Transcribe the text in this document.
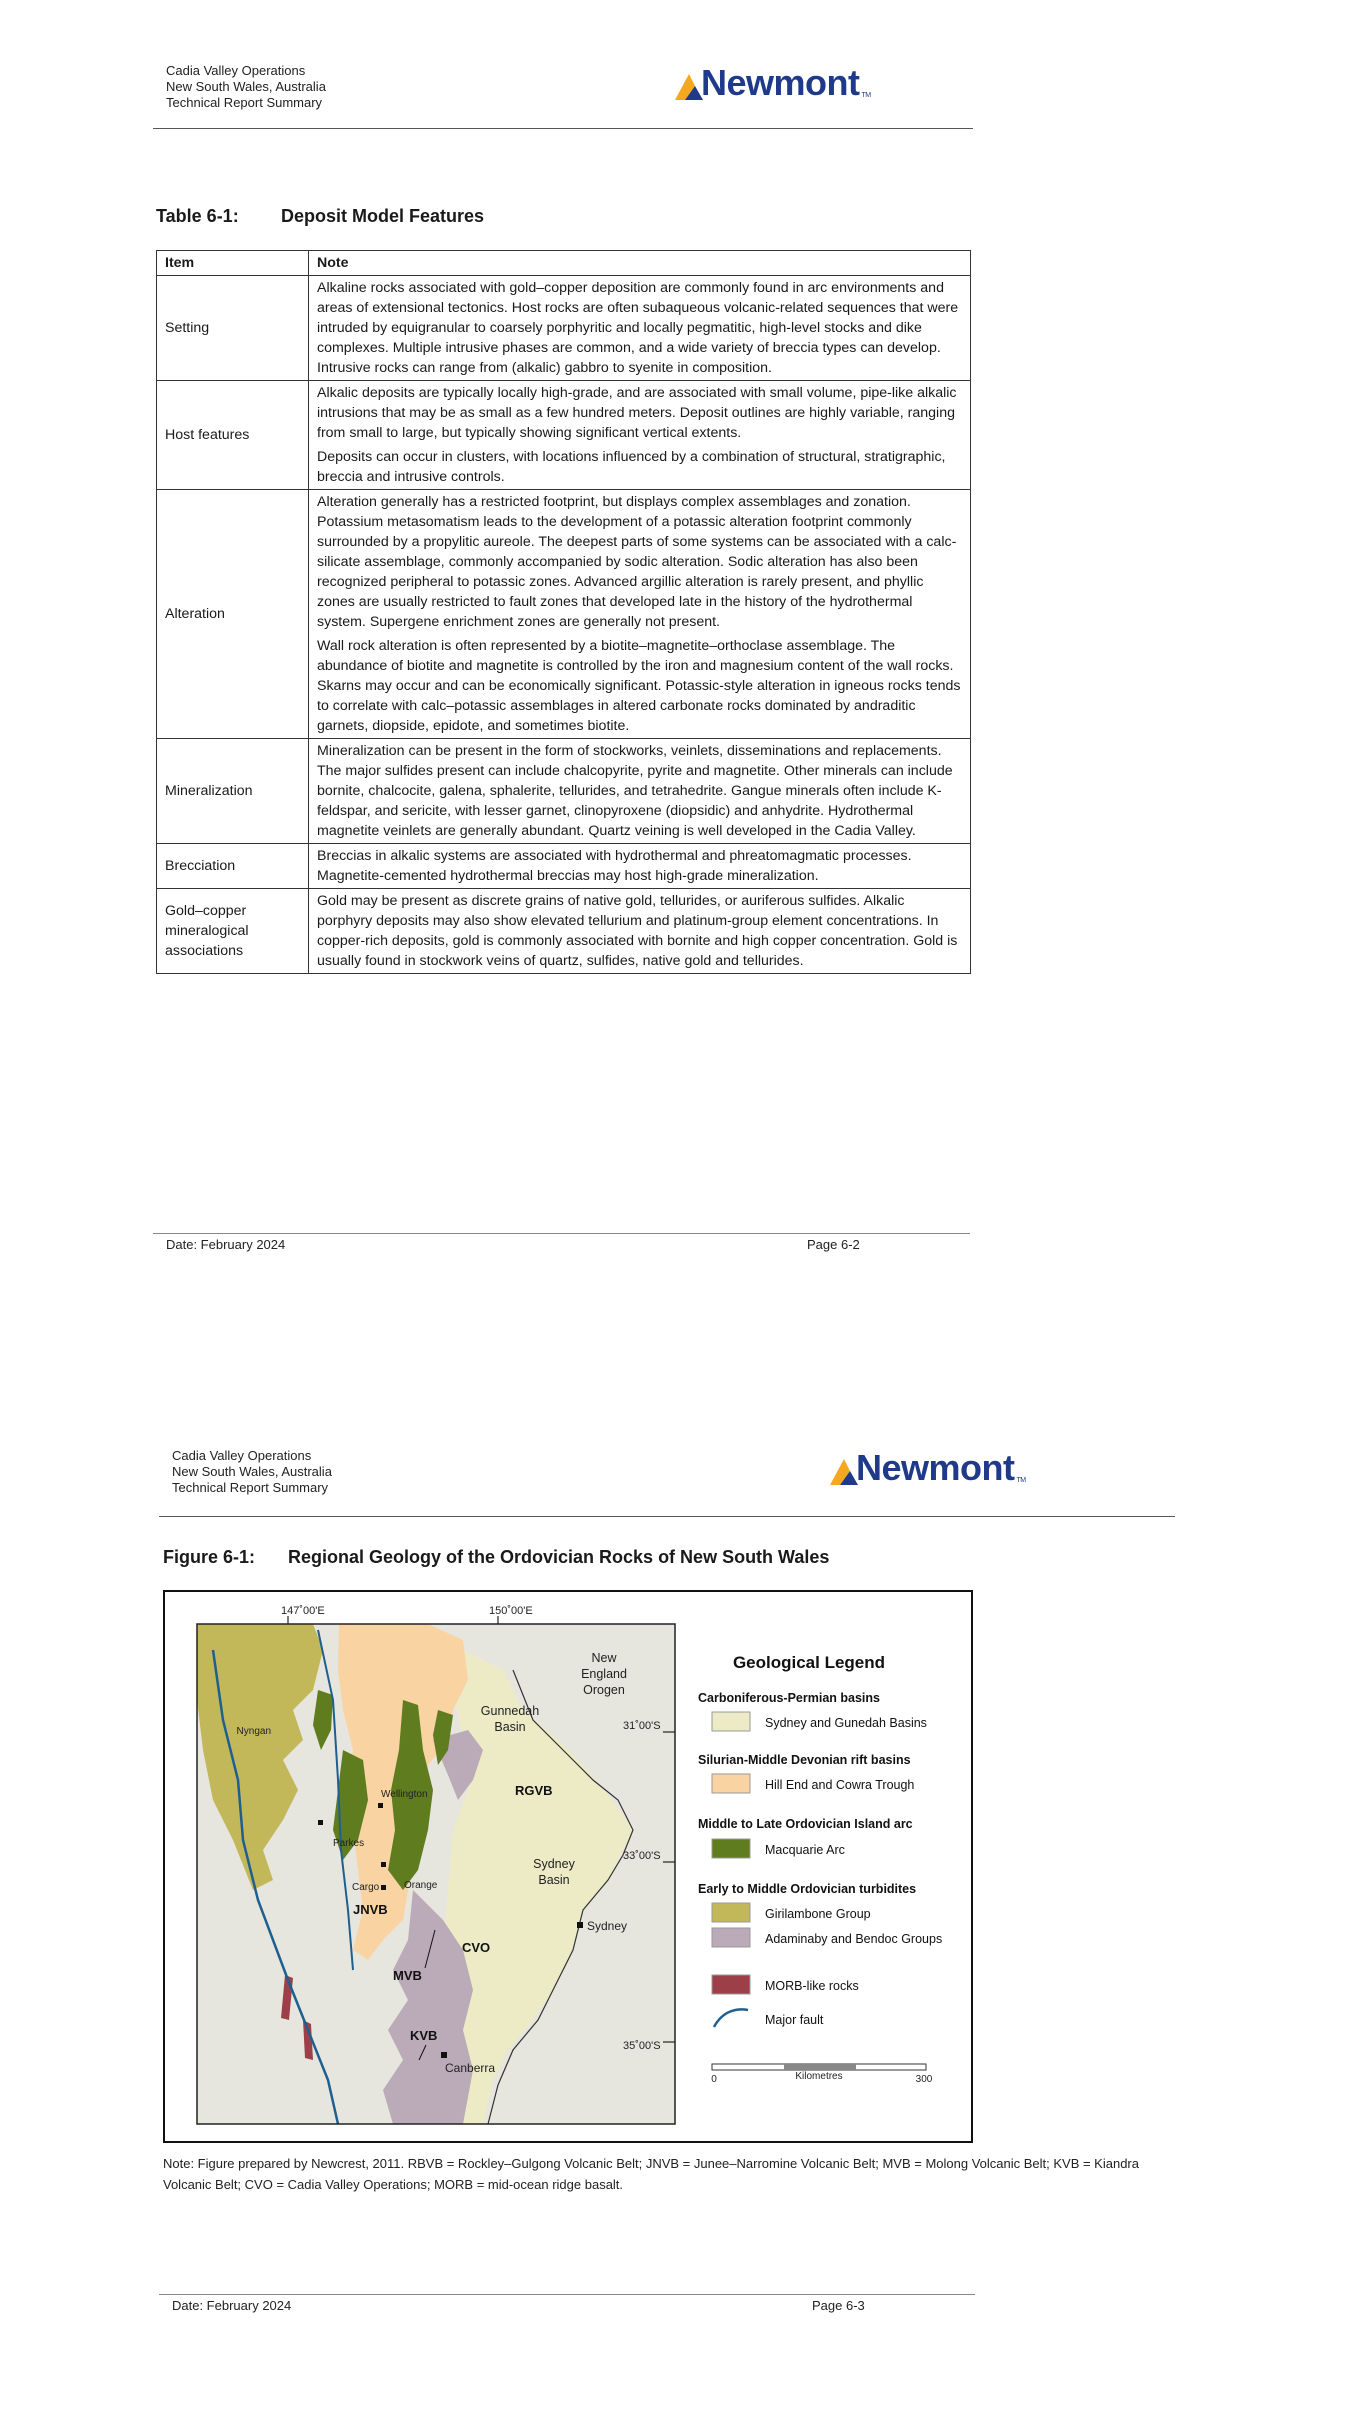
Cadia Valley Operations
New South Wales, Australia
Technical Report Summary	Newmont TM
Table 6-1: Deposit Model Features
Item	Note
Setting	Alkaline rocks associated with gold–copper deposition are commonly found in arc environments and areas of extensional tectonics. Host rocks are often subaqueous volcanic-related sequences that were intruded by equigranular to coarsely porphyritic and locally pegmatitic, high-level stocks and dike complexes. Multiple intrusive phases are common, and a wide variety of breccia types can develop. Intrusive rocks can range from (alkalic) gabbro to syenite in composition.

Host features	Alkalic deposits are typically locally high-grade, and are associated with small volume, pipe-like alkalic intrusions that may be as small as a few hundred meters. Deposit outlines are highly variable, ranging from small to large, but typically showing significant vertical extents.

Deposits can occur in clusters, with locations influenced by a combination of structural, stratigraphic, breccia and intrusive controls.

Alteration	Alteration generally has a restricted footprint, but displays complex assemblages and zonation. Potassium metasomatism leads to the development of a potassic alteration footprint commonly surrounded by a propylitic aureole. The deepest parts of some systems can be associated with a calc-silicate assemblage, commonly accompanied by sodic alteration. Sodic alteration has also been recognized peripheral to potassic zones. Advanced argillic alteration is rarely present, and phyllic zones are usually restricted to fault zones that developed late in the history of the hydrothermal system. Supergene enrichment zones are generally not present.

Wall rock alteration is often represented by a biotite–magnetite–orthoclase assemblage. The abundance of biotite and magnetite is controlled by the iron and magnesium content of the wall rocks. Skarns may occur and can be economically significant. Potassic-style alteration in igneous rocks tends to correlate with calc–potassic assemblages in altered carbonate rocks dominated by andraditic garnets, diopside, epidote, and sometimes biotite.

Mineralization	Mineralization can be present in the form of stockworks, veinlets, disseminations and replacements. The major sulfides present can include chalcopyrite, pyrite and magnetite. Other minerals can include bornite, chalcocite, galena, sphalerite, tellurides, and tetrahedrite. Gangue minerals often include K-feldspar, and sericite, with lesser garnet, clinopyroxene (diopsidic) and anhydrite. Hydrothermal magnetite veinlets are generally abundant. Quartz veining is well developed in the Cadia Valley.

Brecciation	Breccias in alkalic systems are associated with hydrothermal and phreatomagmatic processes. Magnetite-cemented hydrothermal breccias may host high-grade mineralization.

Gold–copper mineralogical associations	Gold may be present as discrete grains of native gold, tellurides, or auriferous sulfides. Alkalic porphyry deposits may also show elevated tellurium and platinum-group element concentrations. In copper-rich deposits, gold is commonly associated with bornite and high copper concentration. Gold is usually found in stockwork veins of quartz, sulfides, native gold and tellurides.

Date: February 2024	Page 6-2
Cadia Valley Operations
New South Wales, Australia
Technical Report Summary	Newmont TM
Figure 6-1: Regional Geology of the Ordovician Rocks of New South Wales
147˚00'E	150˚00'E
31˚00'S
33˚00'S
35˚00'S
New
England
Orogen
Gunnedah
Basin
Sydney
Basin
Nyngan
Wellington
Parkes
Cargo Orange
Sydney
Canberra
RGVB
JNVB
CVO
MVB
KVB
Geological Legend
Carboniferous-Permian basins
Sydney and Gunedah Basins
Silurian-Middle Devonian rift basins
Hill End and Cowra Trough
Middle to Late Ordovician Island arc
Macquarie Arc
Early to Middle Ordovician turbidites
Girilambone Group
Adaminaby and Bendoc Groups
MORB-like rocks
Major fault
0	Kilometres	300
Note: Figure prepared by Newcrest, 2011. RBVB = Rockley–Gulgong Volcanic Belt; JNVB = Junee–Narromine Volcanic Belt; MVB = Molong Volcanic Belt; KVB = Kiandra Volcanic Belt; CVO = Cadia Valley Operations; MORB = mid-ocean ridge basalt.
Date: February 2024	Page 6-3
